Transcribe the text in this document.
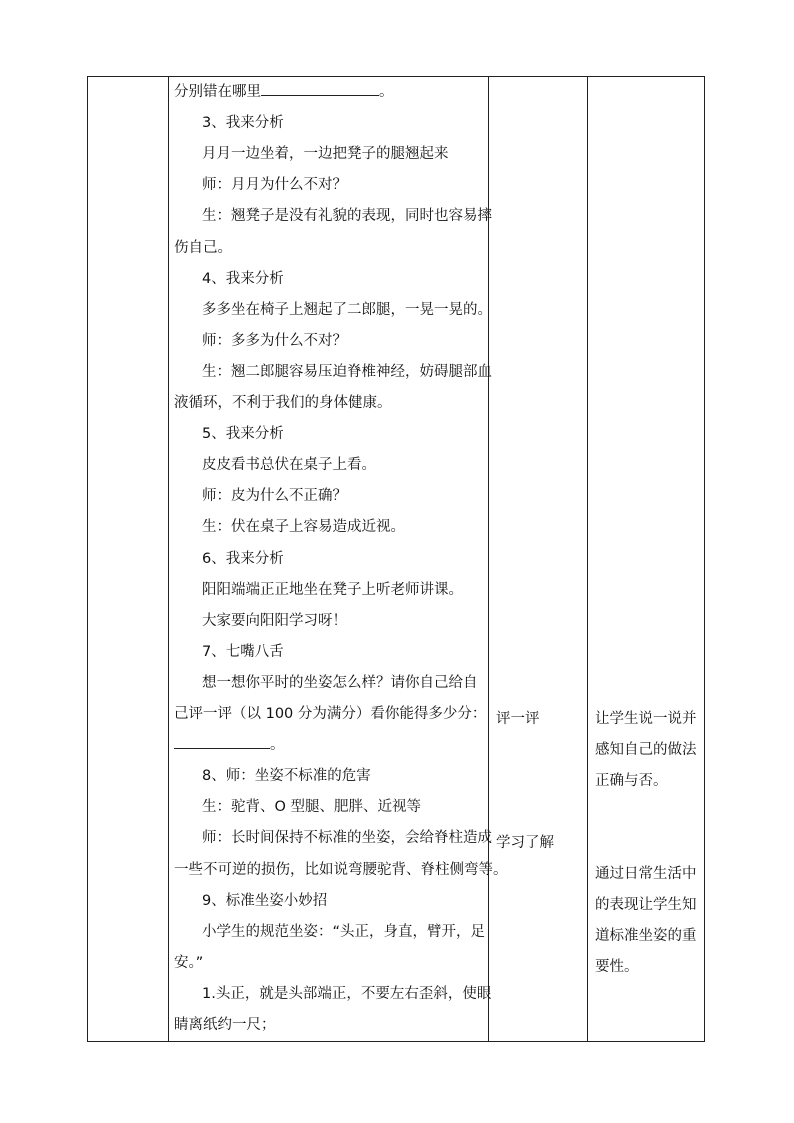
分别错在哪里	。
3、我来分析
月月一边坐着，一边把凳子的腿翘起来
师：月月为什么不对？
生：翘凳子是没有礼貌的表现，同时也容易摔
伤自己。
4、我来分析
多多坐在椅子上翘起了二郎腿，一晃一晃的。
师：多多为什么不对？
生：翘二郎腿容易压迫脊椎神经，妨碍腿部血
液循环，不利于我们的身体健康。
5、我来分析
皮皮看书总伏在桌子上看。
师：皮为什么不正确？
生：伏在桌子上容易造成近视。
6、我来分析
阳阳端端正正地坐在凳子上听老师讲课。
大家要向阳阳学习呀！
7、七嘴八舌
想一想你平时的坐姿怎么样？请你自己给自
己评一评（以 100 分为满分）看你能得多少分：
。
8、师：坐姿不标准的危害
生：驼背、O 型腿、肥胖、近视等
师：长时间保持不标准的坐姿，会给脊柱造成
一些不可逆的损伤，比如说弯腰驼背、脊柱侧弯等。
9、标准坐姿小妙招
小学生的规范坐姿：“头正，身直，臂开，足
安。”
1.头正，就是头部端正，不要左右歪斜，使眼
睛离纸约一尺；
评一评
学习了解
让学生说一说并
感知自己的做法
正确与否。
通过日常生活中
的表现让学生知
道标准坐姿的重
要性。
